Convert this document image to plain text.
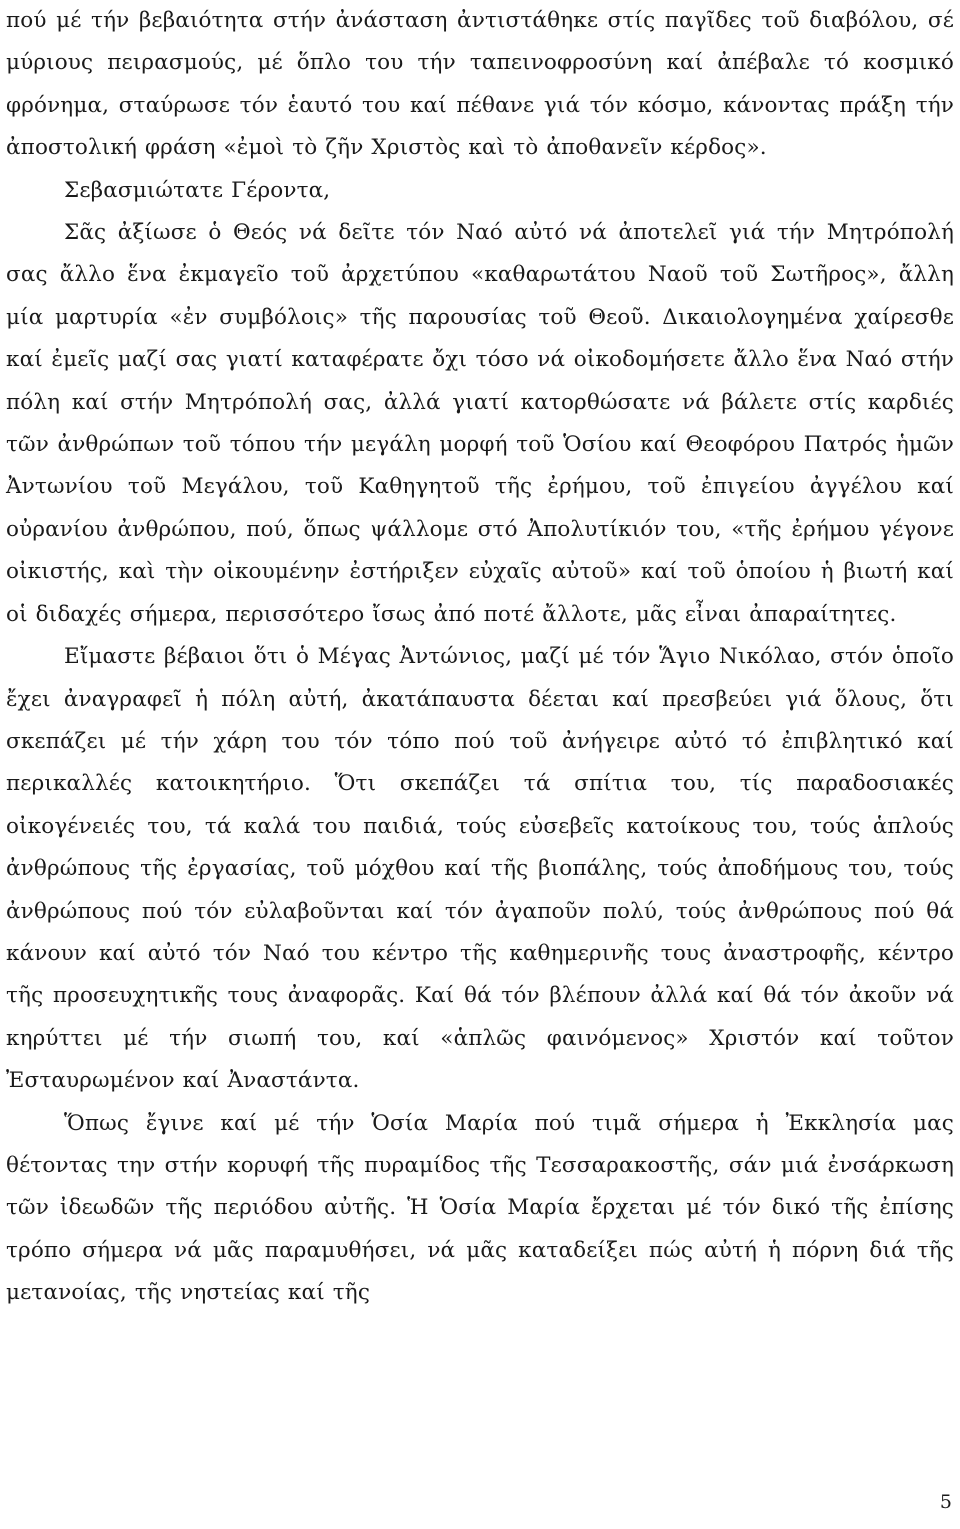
πού μέ τήν βεβαιότητα στήν ἀνάσταση ἀντιστάθηκε στίς παγῖδες τοῦ διαβόλου, σέ μύριους πειρασμούς, μέ ὅπλο του τήν ταπεινοφροσύνη καί ἀπέβαλε τό κοσμικό φρόνημα, σταύρωσε τόν ἑαυτό του καί πέθανε γιά τόν κόσμο, κάνοντας πράξη τήν ἀποστολική φράση «ἐμοὶ τὸ ζῆν Χριστὸς καὶ τὸ ἀποθανεῖν κέρδος».

Σεβασμιώτατε Γέροντα,

Σᾶς ἀξίωσε ὁ Θεός νά δεῖτε τόν Ναό αὐτό νά ἀποτελεῖ γιά τήν Μητρόπολή σας ἄλλο ἕνα ἐκμαγεῖο τοῦ ἀρχετύπου «καθαρωτάτου Ναοῦ τοῦ Σωτῆρος», ἄλλη μία μαρτυρία «ἐν συμβόλοις» τῆς παρουσίας τοῦ Θεοῦ. Δικαιολογημένα χαίρεσθε καί ἐμεῖς μαζί σας γιατί καταφέρατε ὄχι τόσο νά οἰκοδομήσετε ἄλλο ἕνα Ναό στήν πόλη καί στήν Μητρόπολή σας, ἀλλά γιατί κατορθώσατε νά βάλετε στίς καρδιές τῶν ἀνθρώπων τοῦ τόπου τήν μεγάλη μορφή τοῦ Ὁσίου καί Θεοφόρου Πατρός ἡμῶν Ἀντωνίου τοῦ Μεγάλου, τοῦ Καθηγητοῦ τῆς ἐρήμου, τοῦ ἐπιγείου ἀγγέλου καί οὐρανίου ἀνθρώπου, πού, ὅπως ψάλλομε στό Ἀπολυτίκιόν του, «τῆς ἐρήμου γέγονε οἰκιστής, καὶ τὴν οἰκουμένην ἐστήριξεν εὐχαῖς αὐτοῦ» καί τοῦ ὁποίου ἡ βιωτή καί οἱ διδαχές σήμερα, περισσότερο ἴσως ἀπό ποτέ ἄλλοτε, μᾶς εἶναι ἀπαραίτητες.

Εἴμαστε βέβαιοι ὅτι ὁ Μέγας Ἀντώνιος, μαζί μέ τόν Ἅγιο Νικόλαο, στόν ὁποῖο ἔχει ἀναγραφεῖ ἡ πόλη αὐτή, ἀκατάπαυστα δέεται καί πρεσβεύει γιά ὅλους, ὅτι σκεπάζει μέ τήν χάρη του τόν τόπο πού τοῦ ἀνήγειρε αὐτό τό ἐπιβλητικό καί περικαλλές κατοικητήριο. Ὅτι σκεπάζει τά σπίτια του, τίς παραδοσιακές οἰκογένειές του, τά καλά του παιδιά, τούς εὐσεβεῖς κατοίκους του, τούς ἁπλούς ἀνθρώπους τῆς ἐργασίας, τοῦ μόχθου καί τῆς βιοπάλης, τούς ἀποδήμους του, τούς ἀνθρώπους πού τόν εὐλαβοῦνται καί τόν ἀγαποῦν πολύ, τούς ἀνθρώπους πού θά κάνουν καί αὐτό τόν Ναό του κέντρο τῆς καθημερινῆς τους ἀναστροφῆς, κέντρο τῆς προσευχητικῆς τους ἀναφορᾶς. Καί θά τόν βλέπουν ἀλλά καί θά τόν ἀκοῦν νά κηρύττει μέ τήν σιωπή του, καί «ἁπλῶς φαινόμενος» Χριστόν καί τοῦτον Ἐσταυρωμένον καί Ἀναστάντα.

Ὅπως ἔγινε καί μέ τήν Ὁσία Μαρία πού τιμᾶ σήμερα ἡ Ἐκκλησία μας θέτοντας την στήν κορυφή τῆς πυραμίδος τῆς Τεσσαρακοστῆς, σάν μιά ἐνσάρκωση τῶν ἰδεωδῶν τῆς περιόδου αὐτῆς. Ἡ Ὁσία Μαρία ἔρχεται μέ τόν δικό τῆς ἐπίσης τρόπο σήμερα νά μᾶς παραμυθήσει, νά μᾶς καταδείξει πώς αὐτή ἡ πόρνη διά τῆς μετανοίας, τῆς νηστείας καί τῆς

5
